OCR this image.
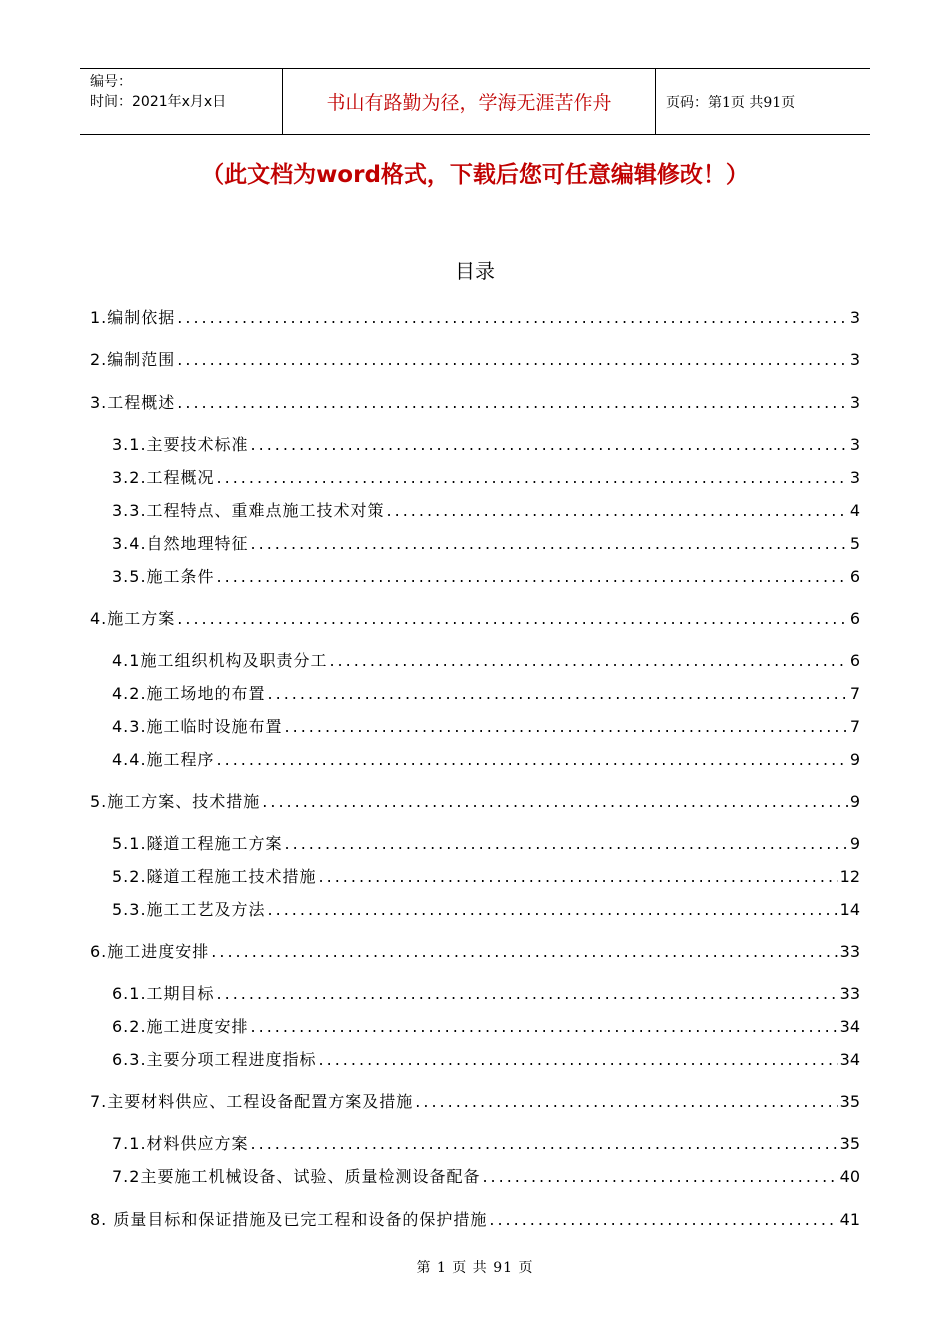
编号：
时间：2021年x月x日	书山有路勤为径，学海无涯苦作舟	页码：第1页 共91页
（此文档为word格式，下载后您可任意编辑修改！）
目录
1.编制依据 .....	3
2.编制范围 .....	3
3.工程概述 .....	3
3.1.主要技术标准 .....	3
3.2.工程概况 .....	3
3.3.工程特点、重难点施工技术对策 .....	4
3.4.自然地理特征 .....	5
3.5.施工条件 .....	6
4.施工方案 .....	6
4.1施工组织机构及职责分工 .....	6
4.2.施工场地的布置 .....	7
4.3.施工临时设施布置 .....	7
4.4.施工程序 .....	9
5.施工方案、技术措施 .....	9
5.1.隧道工程施工方案 .....	9
5.2.隧道工程施工技术措施 .....	12
5.3.施工工艺及方法 .....	14
6.施工进度安排 .....	33
6.1.工期目标 .....	33
6.2.施工进度安排 .....	34
6.3.主要分项工程进度指标 .....	34
7.主要材料供应、工程设备配置方案及措施 .....	35
7.1.材料供应方案 .....	35
7.2主要施工机械设备、试验、质量检测设备配备 .....	40
8. 质量目标和保证措施及已完工程和设备的保护措施 .....	41
第 1 页 共 91 页
